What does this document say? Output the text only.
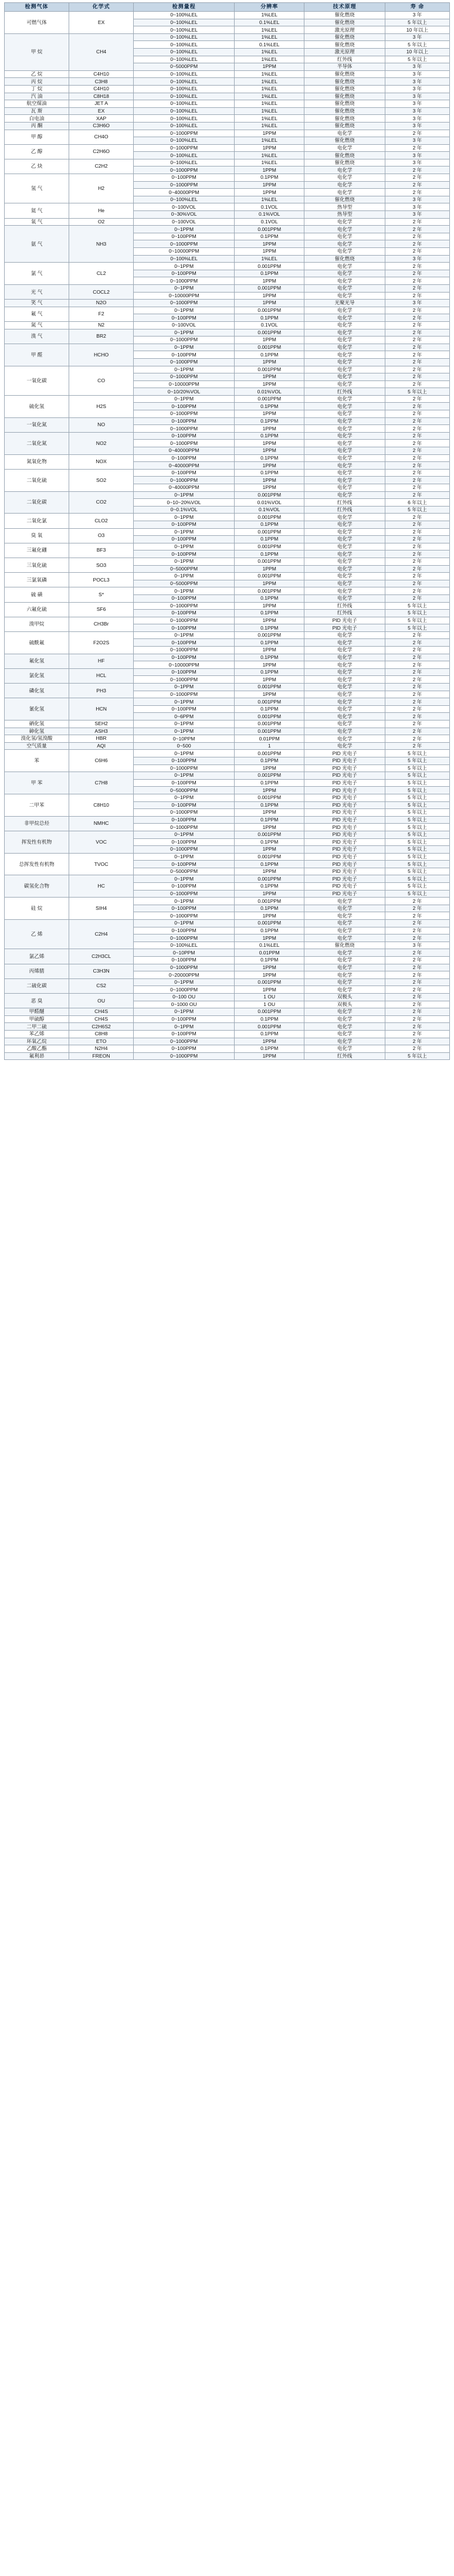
检测气体	化学式	检测量程	分辨率	技术原理	寿 命
可燃气体	EX	0~100%LEL	1%LEL	催化燃烧	3 年
		0~100%LEL	0.1%LEL	催化燃烧	5 年以上
		0~100%LEL	1%LEL	激光原理	10 年以上
甲 烷	CH4	0~100%LEL	1%LEL	催化燃烧	3 年
		0~100%LEL	0.1%LEL	催化燃烧	5 年以上
		0~100%LEL	1%LEL	激光原理	10 年以上
		0~100%LEL	1%LEL	红外线	5 年以上
		0~5000PPM	1PPM	半导体	3 年
乙 烷	C4H10	0~100%LEL	1%LEL	催化燃烧	3 年
丙 烷	C3H8	0~100%LEL	1%LEL	催化燃烧	3 年
丁 烷	C4H10	0~100%LEL	1%LEL	催化燃烧	3 年
汽 油	C8H18	0~100%LEL	1%LEL	催化燃烧	3 年
航空煤油	JET A	0~100%LEL	1%LEL	催化燃烧	3 年
瓦 斯	EX	0~100%LEL	1%LEL	催化燃烧	3 年
白电油	XAP	0~100%LEL	1%LEL	催化燃烧	3 年
丙 酮	C3H6O	0~100%LEL	1%LEL	催化燃烧	3 年
甲 醇	CH4O	0~1000PPM	1PPM	电化学	2 年
		0~100%LEL	1%LEL	催化燃烧	3 年
乙 醇	C2H6O	0~1000PPM	1PPM	电化学	2 年
		0~100%LEL	1%LEL	催化燃烧	3 年
乙 炔	C2H2	0~100%LEL	1%LEL	催化燃烧	3 年
		0~1000PPM	1PPM	电化学	2 年
氢 气	H2	0~100PPM	0.1PPM	电化学	2 年
		0~1000PPM	1PPM	电化学	2 年
		0~40000PPM	1PPM	电化学	2 年
		0~100%LEL	1%LEL	催化燃烧	3 年
氦 气	He	0~100VOL	0.1VOL	热导型	3 年
		0~30%VOL	0.1%VOL	热导型	3 年
氧 气	O2	0~100VOL	0.1VOL	电化学	2 年
氨 气	NH3	0~1PPM	0.001PPM	电化学	2 年
		0~100PPM	0.1PPM	电化学	2 年
		0~1000PPM	1PPM	电化学	2 年
		0~10000PPM	1PPM	电化学	2 年
		0~100%LEL	1%LEL	催化燃烧	3 年
氯 气	CL2	0~1PPM	0.001PPM	电化学	2 年
		0~100PPM	0.1PPM	电化学	2 年
		0~1000PPM	1PPM	电化学	2 年
光 气	COCL2	0~1PPM	0.001PPM	电化学	2 年
		0~10000PPM	1PPM	电化学	2 年
笑 气	N2O	0~1000PPM	1PPM	光聚光导	3 年
氟 气	F2	0~1PPM	0.001PPM	电化学	2 年
		0~100PPM	0.1PPM	电化学	2 年
氮 气	N2	0~100VOL	0.1VOL	电化学	2 年
溴 气	BR2	0~1PPM	0.001PPM	电化学	2 年
		0~1000PPM	1PPM	电化学	2 年
甲 醛	HCHO	0~1PPM	0.001PPM	电化学	2 年
		0~100PPM	0.1PPM	电化学	2 年
		0~1000PPM	1PPM	电化学	2 年
一氧化碳	CO	0~1PPM	0.001PPM	电化学	2 年
		0~1000PPM	1PPM	电化学	2 年
		0~10000PPM	1PPM	电化学	2 年
		0~10/20%VOL	0.01%VOL	红外线	5 年以上
硫化氢	H2S	0~1PPM	0.001PPM	电化学	2 年
		0~100PPM	0.1PPM	电化学	2 年
		0~1000PPM	1PPM	电化学	2 年
一氧化氮	NO	0~100PPM	0.1PPM	电化学	2 年
		0~1000PPM	1PPM	电化学	2 年
二氧化氮	NO2	0~100PPM	0.1PPM	电化学	2 年
		0~1000PPM	1PPM	电化学	2 年
		0~40000PPM	1PPM	电化学	2 年
氮氧化物	NOX	0~100PPM	0.1PPM	电化学	2 年
		0~40000PPM	1PPM	电化学	2 年
二氧化硫	SO2	0~100PPM	0.1PPM	电化学	2 年
		0~1000PPM	1PPM	电化学	2 年
		0~40000PPM	1PPM	电化学	2 年
二氧化碳	CO2	0~1PPM	0.001PPM	电化学	2 年
		0~10~20%VOL	0.01%VOL	红外线	6 年以上
		0~0.1%VOL	0.1%VOL	红外线	5 年以上
二氧化氯	CLO2	0~1PPM	0.001PPM	电化学	2 年
		0~100PPM	0.1PPM	电化学	2 年
臭 氧	O3	0~1PPM	0.001PPM	电化学	2 年
		0~100PPM	0.1PPM	电化学	2 年
三氟化硼	BF3	0~1PPM	0.001PPM	电化学	2 年
		0~100PPM	0.1PPM	电化学	2 年
三氧化硫	SO3	0~1PPM	0.001PPM	电化学	2 年
		0~5000PPM	1PPM	电化学	2 年
三氯氧磷	POCL3	0~1PPM	0.001PPM	电化学	2 年
		0~5000PPM	1PPM	电化学	2 年
硫 磺	S*	0~1PPM	0.001PPM	电化学	2 年
		0~100PPM	0.1PPM	电化学	2 年
六氟化硫	SF6	0~1000PPM	1PPM	红外线	5 年以上
		0~100PPM	0.1PPM	红外线	5 年以上
溴甲烷	CH3Br	0~1000PPM	1PPM	PID 光电子	5 年以上
		0~100PPM	0.1PPM	PID 光电子	5 年以上
硫酰氟	F2O2S	0~1PPM	0.001PPM	电化学	2 年
		0~100PPM	0.1PPM	电化学	2 年
		0~1000PPM	1PPM	电化学	2 年
氟化氢	HF	0~100PPM	0.1PPM	电化学	2 年
		0~10000PPM	1PPM	电化学	2 年
氯化氢	HCL	0~100PPM	0.1PPM	电化学	2 年
		0~1000PPM	1PPM	电化学	2 年
磷化氢	PH3	0~1PPM	0.001PPM	电化学	2 年
		0~1000PPM	1PPM	电化学	2 年
氰化氢	HCN	0~1PPM	0.001PPM	电化学	2 年
		0~100PPM	0.1PPM	电化学	2 年
		0~6PPM	0.001PPM	电化学	2 年
硒化氢	SEH2	0~1PPM	0.001PPM	电化学	2 年
砷化氢	ASH3	0~1PPM	0.001PPM	电化学	2 年
溴化氢/氢溴酸	HBR	0~10PPM	0.01PPM	电化学	2 年
空气质量	AQI	0~500	1	电化学	2 年
苯	C6H6	0~1PPM	0.001PPM	PID 光电子	5 年以上
		0~100PPM	0.1PPM	PID 光电子	5 年以上
		0~1000PPM	1PPM	PID 光电子	5 年以上
甲 苯	C7H8	0~1PPM	0.001PPM	PID 光电子	5 年以上
		0~100PPM	0.1PPM	PID 光电子	5 年以上
		0~5000PPM	1PPM	PID 光电子	5 年以上
二甲苯	C8H10	0~1PPM	0.001PPM	PID 光电子	5 年以上
		0~100PPM	0.1PPM	PID 光电子	5 年以上
		0~1000PPM	1PPM	PID 光电子	5 年以上
非甲烷总烃	NMHC	0~100PPM	0.1PPM	PID 光电子	5 年以上
		0~1000PPM	1PPM	PID 光电子	5 年以上
挥发性有机物	VOC	0~1PPM	0.001PPM	PID 光电子	5 年以上
		0~100PPM	0.1PPM	PID 光电子	5 年以上
		0~1000PPM	1PPM	PID 光电子	5 年以上
总挥发性有机物	TVOC	0~1PPM	0.001PPM	PID 光电子	5 年以上
		0~100PPM	0.1PPM	PID 光电子	5 年以上
		0~5000PPM	1PPM	PID 光电子	5 年以上
碳氢化合物	HC	0~1PPM	0.001PPM	PID 光电子	5 年以上
		0~100PPM	0.1PPM	PID 光电子	5 年以上
		0~1000PPM	1PPM	PID 光电子	5 年以上
硅 烷	SIH4	0~1PPM	0.001PPM	电化学	2 年
		0~100PPM	0.1PPM	电化学	2 年
		0~1000PPM	1PPM	电化学	2 年
乙 烯	C2H4	0~1PPM	0.001PPM	电化学	2 年
		0~100PPM	0.1PPM	电化学	2 年
		0~1000PPM	1PPM	电化学	2 年
		0~100%LEL	0.1%LEL	催化燃烧	3 年
氯乙烯	C2H3CL	0~10PPM	0.01PPM	电化学	2 年
		0~100PPM	0.1PPM	电化学	2 年
丙烯腈	C3H3N	0~1000PPM	1PPM	电化学	2 年
		0~20000PPM	1PPM	电化学	2 年
二硫化碳	CS2	0~1PPM	0.001PPM	电化学	2 年
		0~1000PPM	1PPM	电化学	2 年
恶 臭	OU	0~100 OU	1 OU	双极头	2 年
		0~1000 OU	1 OU	双极头	2 年
甲醛醚	CH4S	0~1PPM	0.001PPM	电化学	2 年
甲硫醇	CH4S	0~100PPM	0.1PPM	电化学	2 年
二甲二硫	C2H6S2	0~1PPM	0.001PPM	电化学	2 年
苯乙烯	C8H8	0~100PPM	0.1PPM	电化学	2 年
环氧乙烷	ETO	0~1000PPM	1PPM	电化学	2 年
乙酸乙酯	N2H4	0~100PPM	0.1PPM	电化学	2 年
氟利昂	FREON	0~1000PPM	1PPM	红外线	5 年以上
